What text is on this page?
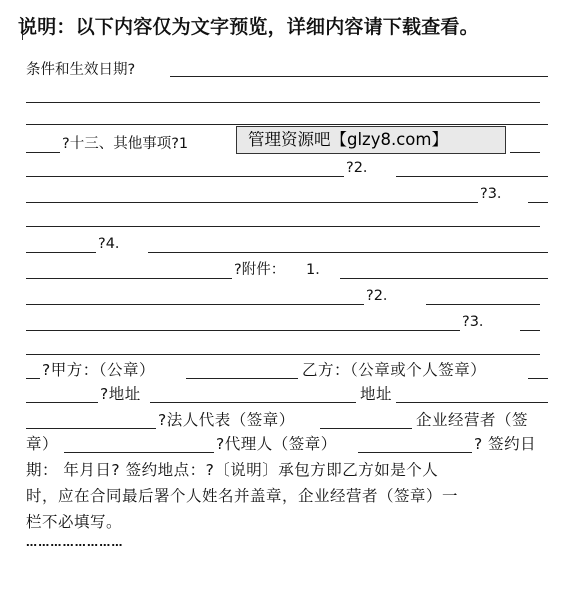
说明：以下内容仅为文字预览，详细内容请下载查看。
条件和生效日期?
?十三、其他事项?1	管理资源吧【glzy8.com】
?2．
?3．
?4．
?附件： 1．
?2．
?3．
?甲方：（公章）	乙方：（公章或个人签章）
?地址	地址
?法人代表（签章）	企业经营者（签
章）	?代理人（签章）	? 签约日
期： 年月日? 签约地点：?〔说明〕承包方即乙方如是个人
时，应在合同最后署个人姓名并盖章，企业经营者（签章）一
栏不必填写。
……………………
